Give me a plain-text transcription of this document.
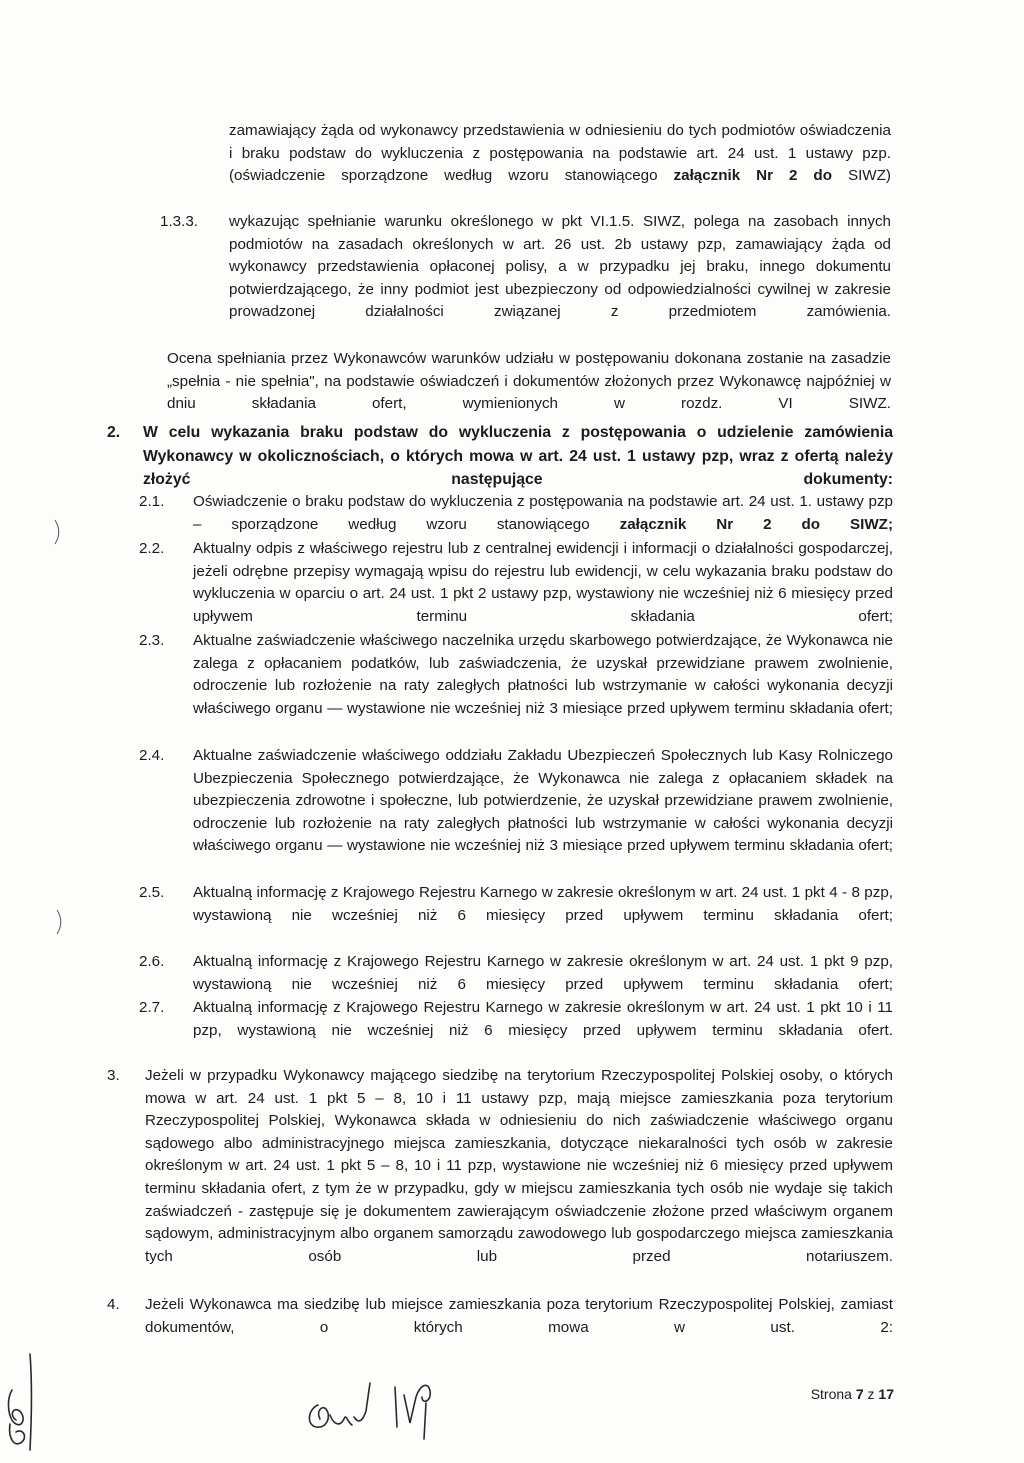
zamawiający żąda od wykonawcy przedstawienia w odniesieniu do tych podmiotów oświadczenia i braku podstaw do wykluczenia z postępowania na podstawie art. 24 ust. 1 ustawy pzp. (oświadczenie sporządzone według wzoru stanowiącego załącznik Nr 2 do SIWZ)

1.3.3. wykazując spełnianie warunku określonego w pkt VI.1.5. SIWZ, polega na zasobach innych podmiotów na zasadach określonych w art. 26 ust. 2b ustawy pzp, zamawiający żąda od wykonawcy przedstawienia opłaconej polisy, a w przypadku jej braku, innego dokumentu potwierdzającego, że inny podmiot jest ubezpieczony od odpowiedzialności cywilnej w zakresie prowadzonej działalności związanej z przedmiotem zamówienia.

Ocena spełniania przez Wykonawców warunków udziału w postępowaniu dokonana zostanie na zasadzie „spełnia - nie spełnia", na podstawie oświadczeń i dokumentów złożonych przez Wykonawcę najpóźniej w dniu składania ofert, wymienionych w rozdz. VI SIWZ.

2. W celu wykazania braku podstaw do wykluczenia z postępowania o udzielenie zamówienia Wykonawcy w okolicznościach, o których mowa w art. 24 ust. 1 ustawy pzp, wraz z ofertą należy złożyć następujące dokumenty:

2.1. Oświadczenie o braku podstaw do wykluczenia z postępowania na podstawie art. 24 ust. 1. ustawy pzp – sporządzone według wzoru stanowiącego załącznik Nr 2 do SIWZ;

2.2. Aktualny odpis z właściwego rejestru lub z centralnej ewidencji i informacji o działalności gospodarczej, jeżeli odrębne przepisy wymagają wpisu do rejestru lub ewidencji, w celu wykazania braku podstaw do wykluczenia w oparciu o art. 24 ust. 1 pkt 2 ustawy pzp, wystawiony nie wcześniej niż 6 miesięcy przed upływem terminu składania ofert;

2.3. Aktualne zaświadczenie właściwego naczelnika urzędu skarbowego potwierdzające, że Wykonawca nie zalega z opłacaniem podatków, lub zaświadczenia, że uzyskał przewidziane prawem zwolnienie, odroczenie lub rozłożenie na raty zaległych płatności lub wstrzymanie w całości wykonania decyzji właściwego organu — wystawione nie wcześniej niż 3 miesiące przed upływem terminu składania ofert;

2.4. Aktualne zaświadczenie właściwego oddziału Zakładu Ubezpieczeń Społecznych lub Kasy Rolniczego Ubezpieczenia Społecznego potwierdzające, że Wykonawca nie zalega z opłacaniem składek na ubezpieczenia zdrowotne i społeczne, lub potwierdzenie, że uzyskał przewidziane prawem zwolnienie, odroczenie lub rozłożenie na raty zaległych płatności lub wstrzymanie w całości wykonania decyzji właściwego organu — wystawione nie wcześniej niż 3 miesiące przed upływem terminu składania ofert;

2.5. Aktualną informację z Krajowego Rejestru Karnego w zakresie określonym w art. 24 ust. 1 pkt 4 - 8 pzp, wystawioną nie wcześniej niż 6 miesięcy przed upływem terminu składania ofert;

2.6. Aktualną informację z Krajowego Rejestru Karnego w zakresie określonym w art. 24 ust. 1 pkt 9 pzp, wystawioną nie wcześniej niż 6 miesięcy przed upływem terminu składania ofert;

2.7. Aktualną informację z Krajowego Rejestru Karnego w zakresie określonym w art. 24 ust. 1 pkt 10 i 11 pzp, wystawioną nie wcześniej niż 6 miesięcy przed upływem terminu składania ofert.

3. Jeżeli w przypadku Wykonawcy mającego siedzibę na terytorium Rzeczypospolitej Polskiej osoby, o których mowa w art. 24 ust. 1 pkt 5 – 8, 10 i 11 ustawy pzp, mają miejsce zamieszkania poza terytorium Rzeczypospolitej Polskiej, Wykonawca składa w odniesieniu do nich zaświadczenie właściwego organu sądowego albo administracyjnego miejsca zamieszkania, dotyczące niekaralności tych osób w zakresie określonym w art. 24 ust. 1 pkt 5 – 8, 10 i 11 pzp, wystawione nie wcześniej niż 6 miesięcy przed upływem terminu składania ofert, z tym że w przypadku, gdy w miejscu zamieszkania tych osób nie wydaje się takich zaświadczeń - zastępuje się je dokumentem zawierającym oświadczenie złożone przed właściwym organem sądowym, administracyjnym albo organem samorządu zawodowego lub gospodarczego miejsca zamieszkania tych osób lub przed notariuszem.

4. Jeżeli Wykonawca ma siedzibę lub miejsce zamieszkania poza terytorium Rzeczypospolitej Polskiej, zamiast dokumentów, o których mowa w ust. 2:

Strona 7 z 17
